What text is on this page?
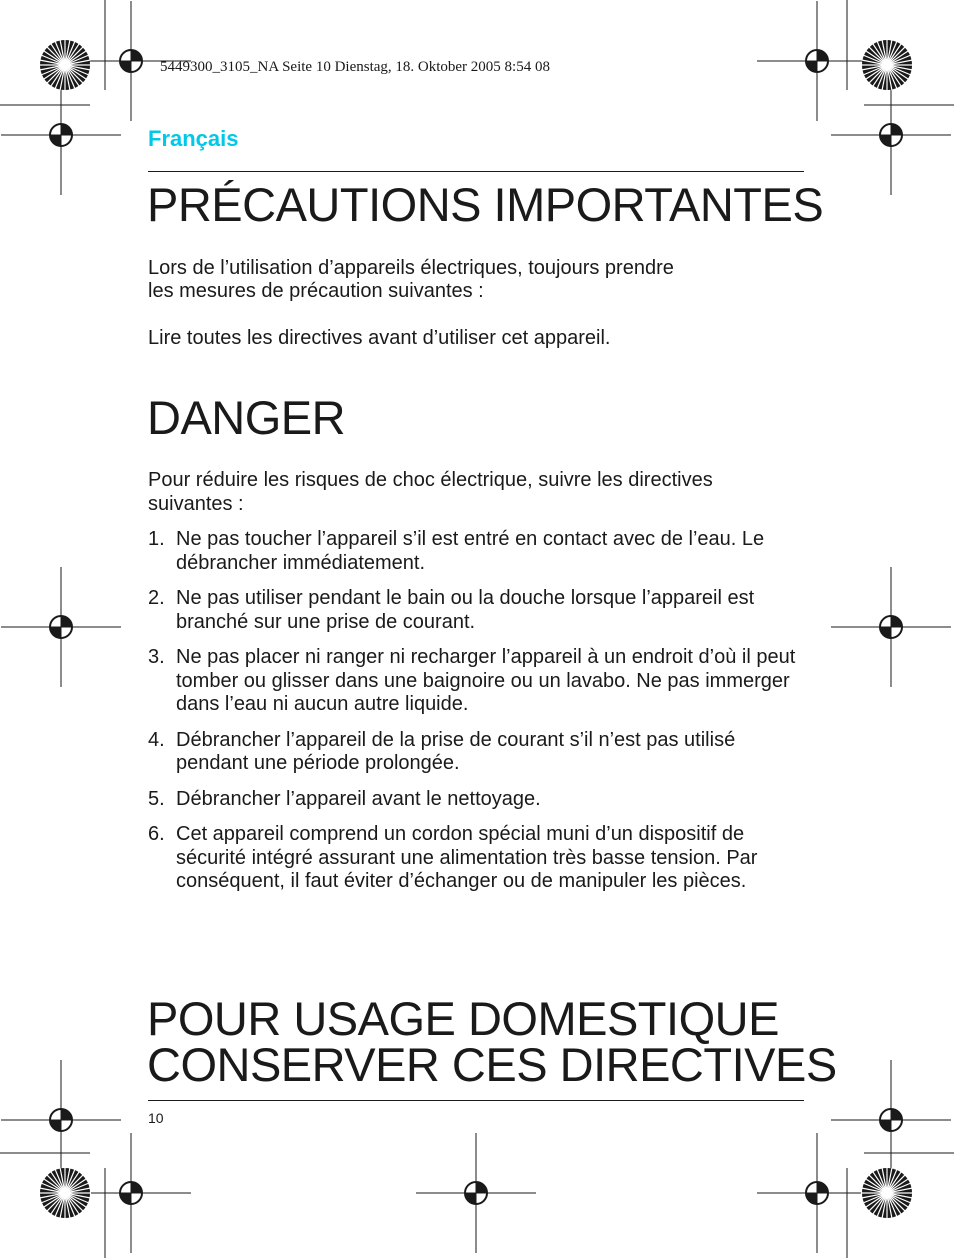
5449300_3105_NA Seite 10 Dienstag, 18. Oktober 2005 8:54 08
Français
PRÉCAUTIONS IMPORTANTES

Lors de l’utilisation d’appareils électriques, toujours prendre

les mesures de précaution suivantes :

Lire toutes les directives avant d’utiliser cet appareil.

DANGER

Pour réduire les risques de choc électrique, suivre les directives suivantes :

1. Ne pas toucher l’appareil s’il est entré en contact avec de l’eau. Le débrancher immédiatement.
2. Ne pas utiliser pendant le bain ou la douche lorsque l’appareil est branché sur une prise de courant.
3. Ne pas placer ni ranger ni recharger l’appareil à un endroit d’où il peut tomber ou glisser dans une baignoire ou un lavabo. Ne pas immerger dans l’eau ni aucun autre liquide.
4. Débrancher l’appareil de la prise de courant s’il n’est pas utilisé pendant une période prolongée.
5. Débrancher l’appareil avant le nettoyage.
6. Cet appareil comprend un cordon spécial muni d’un dispositif de sécurité intégré assurant une alimentation très basse tension. Par conséquent, il faut éviter d’échanger ou de manipuler les pièces.
POUR USAGE DOMESTIQUE
CONSERVER CES DIRECTIVES
10
